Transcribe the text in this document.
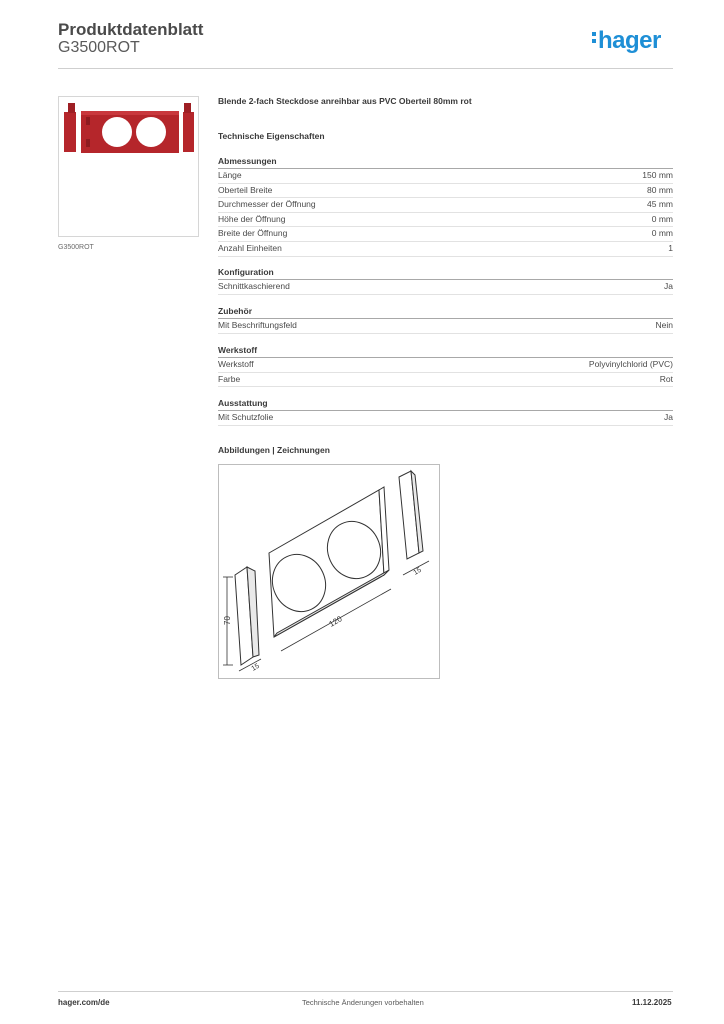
Produktdatenblatt
G3500ROT	hager
G3500ROT
Blende 2-fach Steckdose anreihbar aus PVC Oberteil 80mm rot
Technische Eigenschaften
Abmessungen
Länge	150 mm
Oberteil Breite	80 mm
Durchmesser der Öffnung	45 mm
Höhe der Öffnung	0 mm
Breite der Öffnung	0 mm
Anzahl Einheiten	1
Konfiguration
Schnittkaschierend	Ja
Zubehör
Mit Beschriftungsfeld	Nein
Werkstoff
Werkstoff	Polyvinylchlorid (PVC)
Farbe	Rot
Ausstattung
Mit Schutzfolie	Ja
Abbildungen | Zeichnungen
70	120
15
15
hager.com/de	Technische Änderungen vorbehalten	11.12.2025
